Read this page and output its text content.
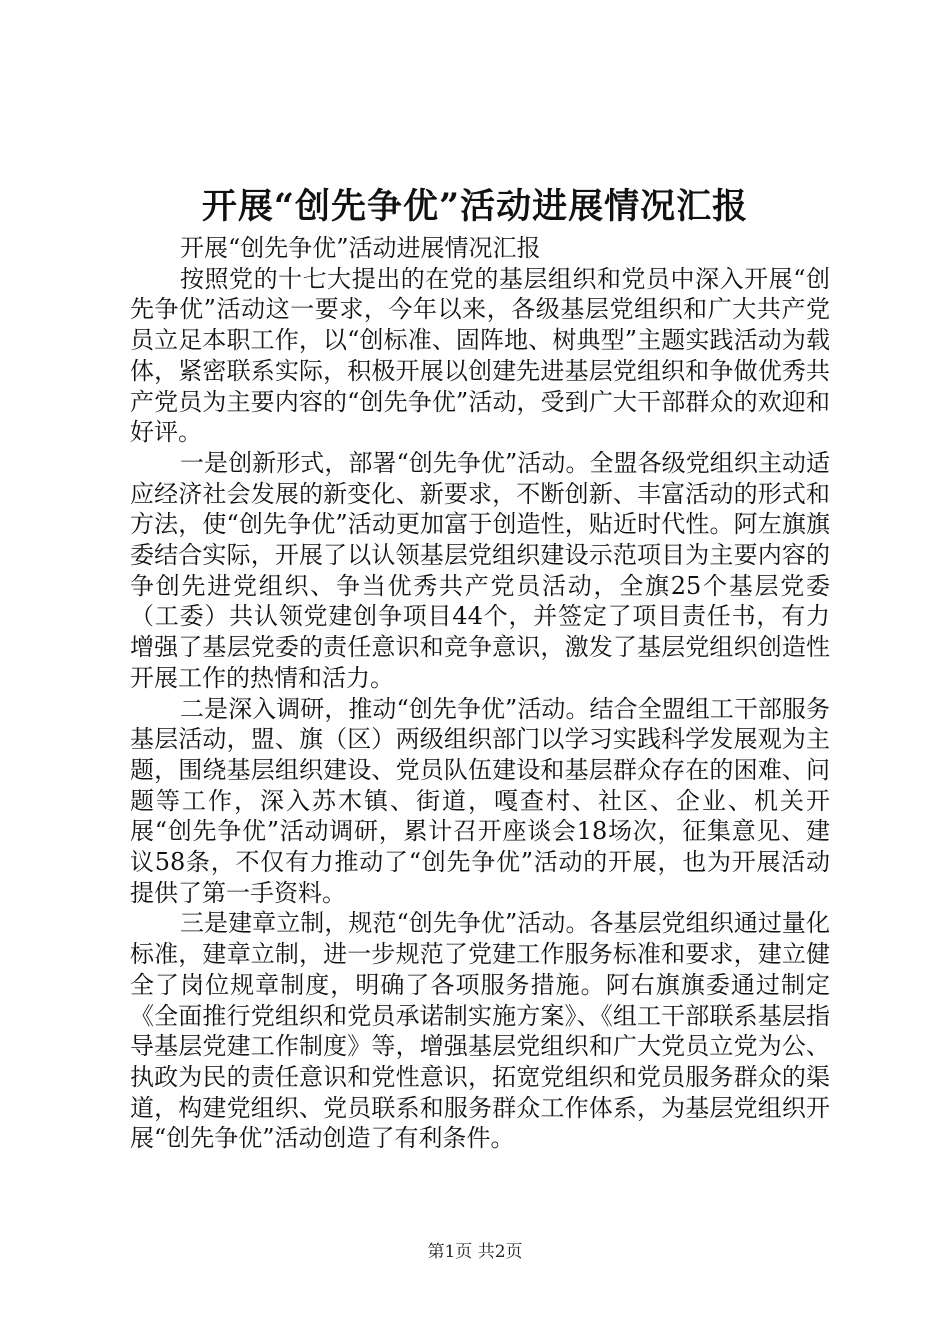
开展“创先争优”活动进展情况汇报

开展“创先争优”活动进展情况汇报

按照党的十七大提出的在党的基层组织和党员中深入开展“创先争优”活动这一要求，今年以来，各级基层党组织和广大共产党员立足本职工作，以“创标准、固阵地、树典型”主题实践活动为载体，紧密联系实际，积极开展以创建先进基层党组织和争做优秀共产党员为主要内容的“创先争优”活动，受到广大干部群众的欢迎和好评。

一是创新形式，部署“创先争优”活动。全盟各级党组织主动适应经济社会发展的新变化、新要求，不断创新、丰富活动的形式和方法，使“创先争优”活动更加富于创造性，贴近时代性。阿左旗旗委结合实际，开展了以认领基层党组织建设示范项目为主要内容的争创先进党组织、争当优秀共产党员活动，全旗25个基层党委（工委）共认领党建创争项目44个，并签定了项目责任书，有力增强了基层党委的责任意识和竞争意识，激发了基层党组织创造性开展工作的热情和活力。

二是深入调研，推动“创先争优”活动。结合全盟组工干部服务基层活动，盟、旗（区）两级组织部门以学习实践科学发展观为主题，围绕基层组织建设、党员队伍建设和基层群众存在的困难、问题等工作，深入苏木镇、街道，嘎查村、社区、企业、机关开展“创先争优”活动调研，累计召开座谈会18场次，征集意见、建议58条，不仅有力推动了“创先争优”活动的开展，也为开展活动提供了第一手资料。

三是建章立制，规范“创先争优”活动。各基层党组织通过量化标准，建章立制，进一步规范了党建工作服务标准和要求，建立健全了岗位规章制度，明确了各项服务措施。阿右旗旗委通过制定《全面推行党组织和党员承诺制实施方案》、《组工干部联系基层指导基层党建工作制度》等，增强基层党组织和广大党员立党为公、执政为民的责任意识和党性意识，拓宽党组织和党员服务群众的渠道，构建党组织、党员联系和服务群众工作体系，为基层党组织开展“创先争优”活动创造了有利条件。

第1页 共2页
